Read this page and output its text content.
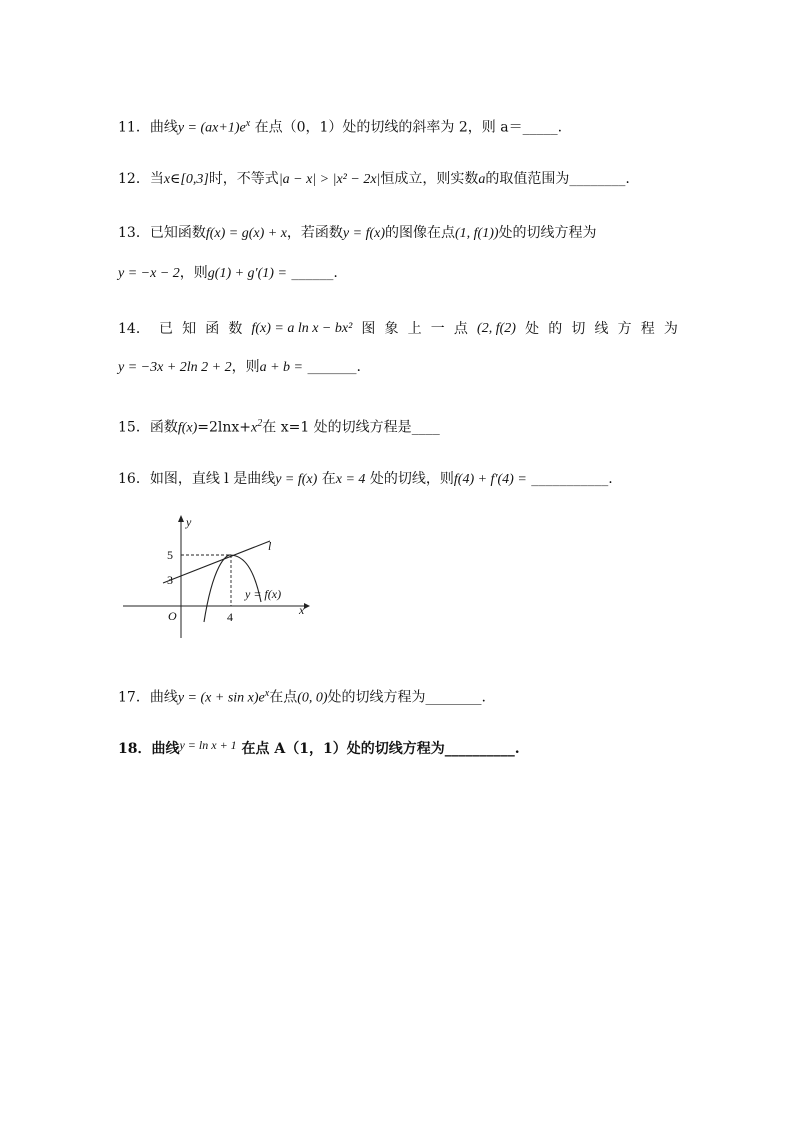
11．曲线$y = (ax+1)e^x$ 在点（0，1）处的切线的斜率为 2，则 a＝_____.
12．当x∈[0,3]时，不等式|a − x| > |x² − 2x|恒成立，则实数a的取值范围为________.
13．已知函数f(x) = g(x) + x，若函数y = f(x)的图像在点(1, f(1))处的切线方程为
y = −x − 2，则g(1) + g′(1) = ______.
14． 已 知 函 数 f(x) = a ln x − bx² 图 象 上 一 点 (2, f(2) 处 的 切 线 方 程 为
y = −3x + 2ln 2 + 2，则a + b = _______.
15．函数$f(x)=2\ln x+x^2$在 x=1 处的切线方程是____
16．如图，直线 l 是曲线y = f(x) 在x = 4 处的切线，则f(4) + f′(4) = ___________.
y
x
O
5
3
4
l
y = f(x)
17．曲线$y = (x + \sin x)e^x$在点(0, 0)处的切线方程为________.
18．曲线y = ln x + 1 在点 A（1，1）处的切线方程为__________.
